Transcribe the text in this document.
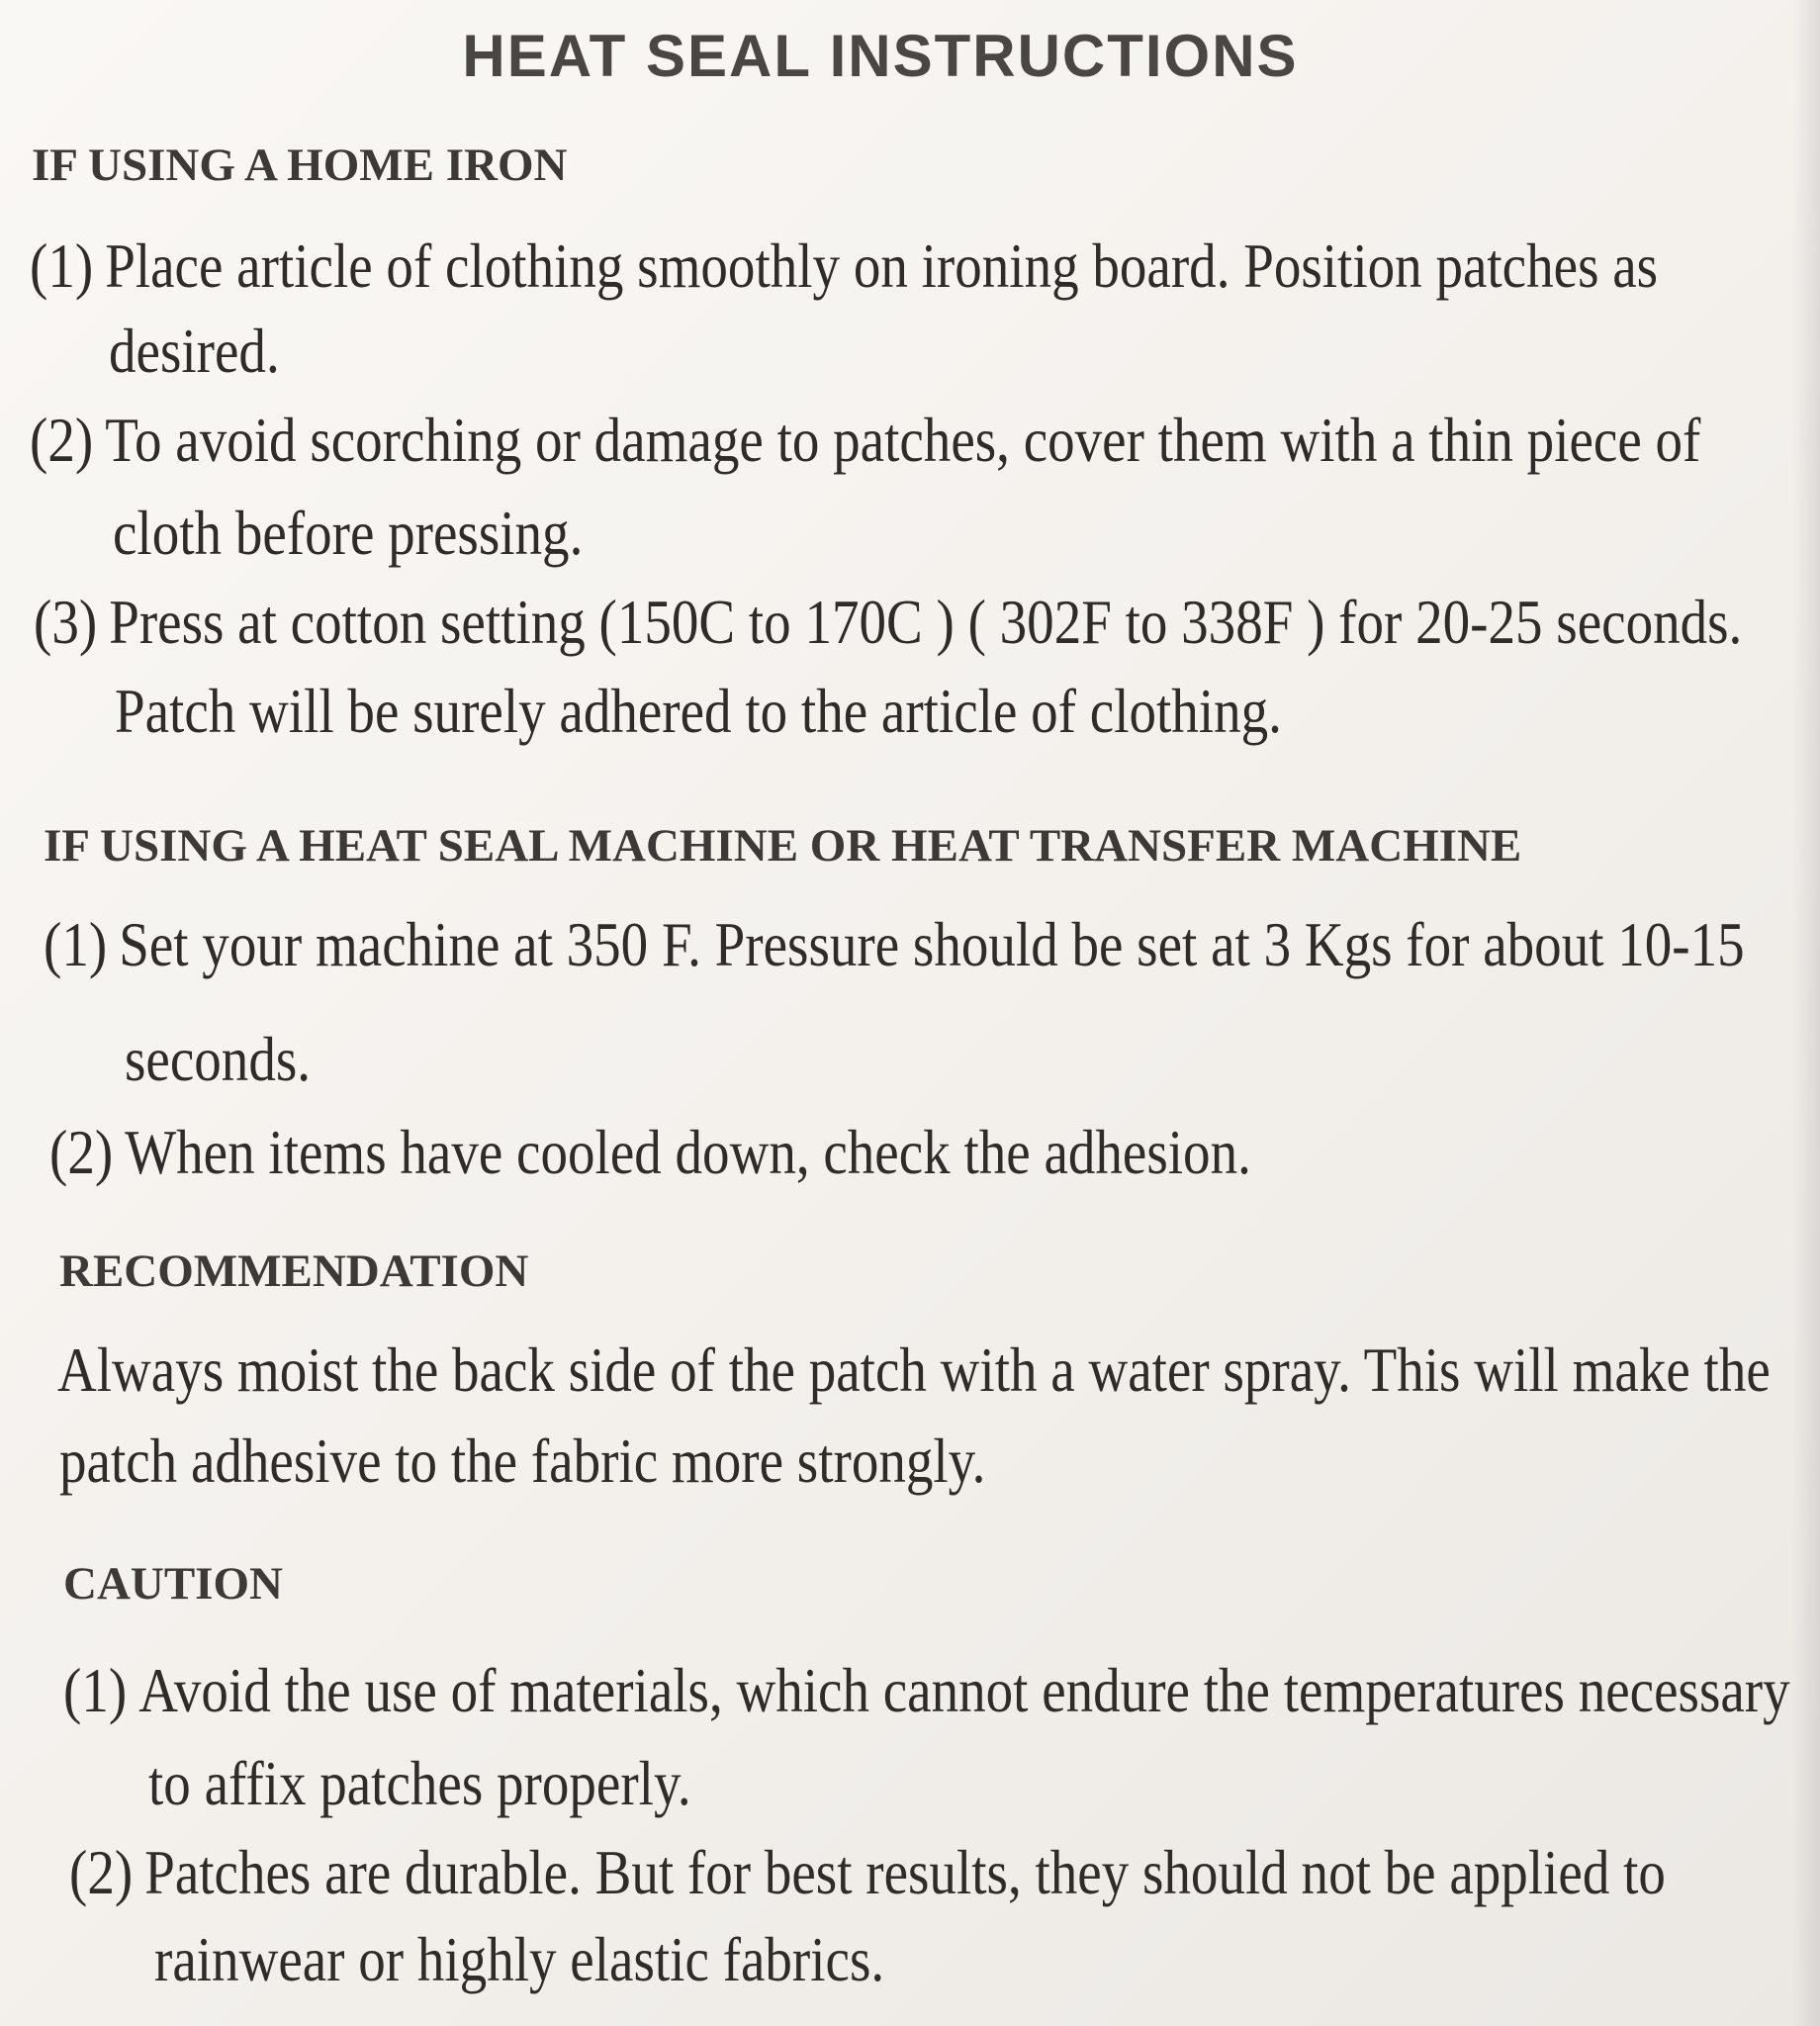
HEAT SEAL INSTRUCTIONS
IF USING A HOME IRON
(1) Place article of clothing smoothly on ironing board. Position patches as
desired.
(2) To avoid scorching or damage to patches, cover them with a thin piece of
cloth before pressing.
(3) Press at cotton setting (150C to 170C ) ( 302F to 338F ) for 20-25 seconds.
Patch will be surely adhered to the article of clothing.
IF USING A HEAT SEAL MACHINE OR HEAT TRANSFER MACHINE
(1) Set your machine at 350 F. Pressure should be set at 3 Kgs for about 10-15
seconds.
(2) When items have cooled down, check the adhesion.
RECOMMENDATION
Always moist the back side of the patch with a water spray. This will make the
patch adhesive to the fabric more strongly.
CAUTION
(1) Avoid the use of materials, which cannot endure the temperatures necessary
to affix patches properly.
(2) Patches are durable. But for best results, they should not be applied to
rainwear or highly elastic fabrics.
